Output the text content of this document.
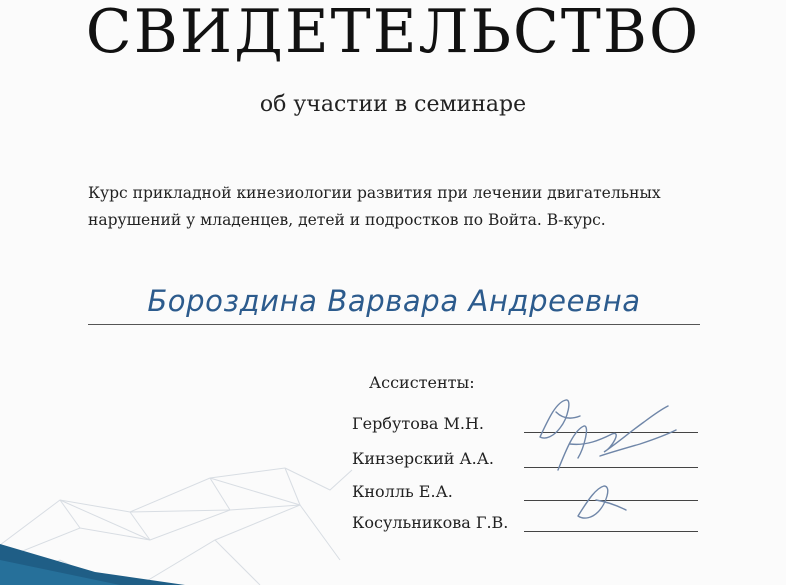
СВИДЕТЕЛЬСТВО
об участии в семинаре
Курс прикладной кинезиологии развития при лечении двигательных
нарушений у младенцев, детей и подростков по Войта. В-курс.
Бороздина Варвара Андреевна
Ассистенты:
Гербутова М.Н.
Кинзерский А.А.
Кнолль Е.А.
Косульникова Г.В.
